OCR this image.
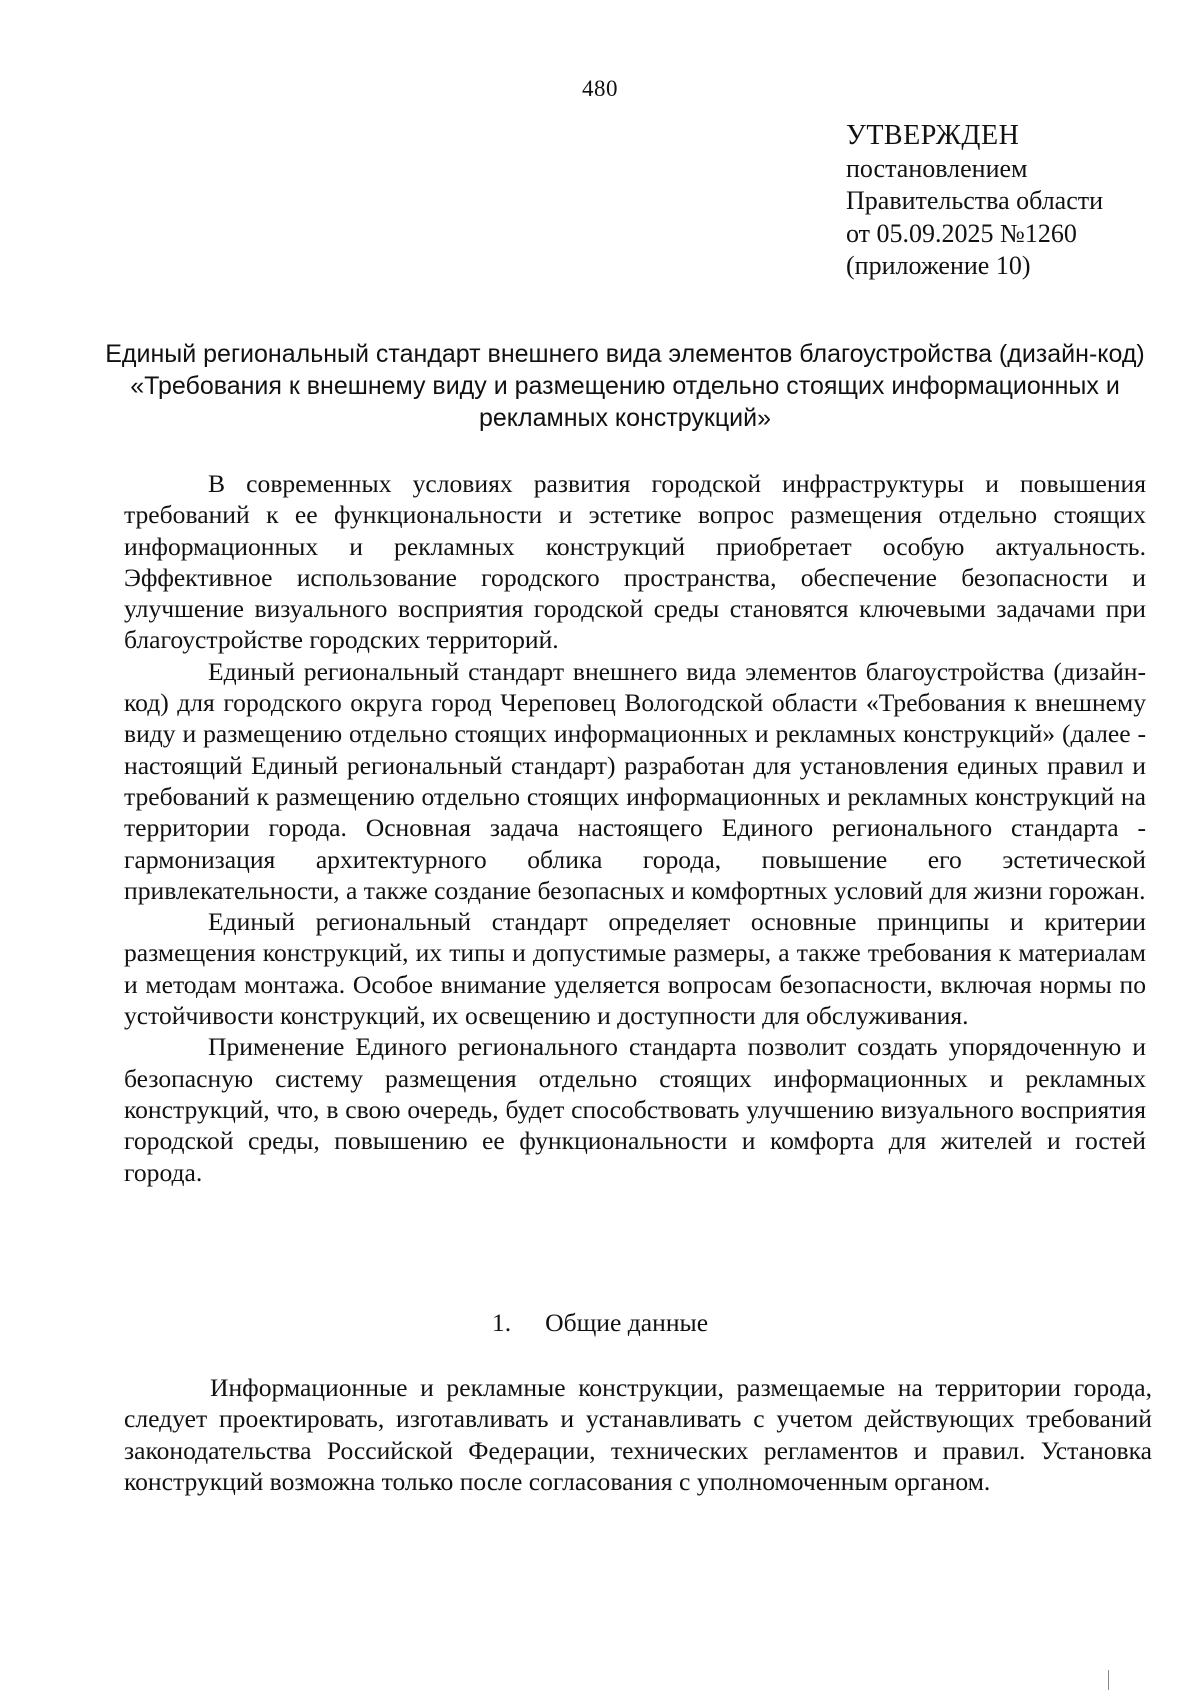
480
УТВЕРЖДЕН
постановлением
Правительства области
от 05.09.2025 №1260
(приложение 10)
Единый региональный стандарт внешнего вида элементов благоустройства (дизайн-код) «Требования к внешнему виду и размещению отдельно стоящих информационных и рекламных конструкций»

В современных условиях развития городской инфраструктуры и повышения требований к ее функциональности и эстетике вопрос размещения отдельно стоящих информационных и рекламных конструкций приобретает особую актуальность. Эффективное использование городского пространства, обеспечение безопасности и улучшение визуального восприятия городской среды становятся ключевыми задачами при благоустройстве городских территорий.

Единый региональный стандарт внешнего вида элементов благоустройства (дизайн-код) для городского округа город Череповец Вологодской области «Требования к внешнему виду и размещению отдельно стоящих информационных и рекламных конструкций» (далее - настоящий Единый региональный стандарт) разработан для установления единых правил и требований к размещению отдельно стоящих информационных и рекламных конструкций на территории города. Основная задача настоящего Единого регионального стандарта - гармонизация архитектурного облика города, повышение его эстетической привлекательности, а также создание безопасных и комфортных условий для жизни горожан.

Единый региональный стандарт определяет основные принципы и критерии размещения конструкций, их типы и допустимые размеры, а также требования к материалам и методам монтажа. Особое внимание уделяется вопросам безопасности, включая нормы по устойчивости конструкций, их освещению и доступности для обслуживания.

Применение Единого регионального стандарта позволит создать упорядоченную и безопасную систему размещения отдельно стоящих информационных и рекламных конструкций, что, в свою очередь, будет способствовать улучшению визуального восприятия городской среды, повышению ее функциональности и комфорта для жителей и гостей города.

1. Общие данные

Информационные и рекламные конструкции, размещаемые на территории города, следует проектировать, изготавливать и устанавливать с учетом действующих требований законодательства Российской Федерации, технических регламентов и правил. Установка конструкций возможна только после согласования с уполномоченным органом.
